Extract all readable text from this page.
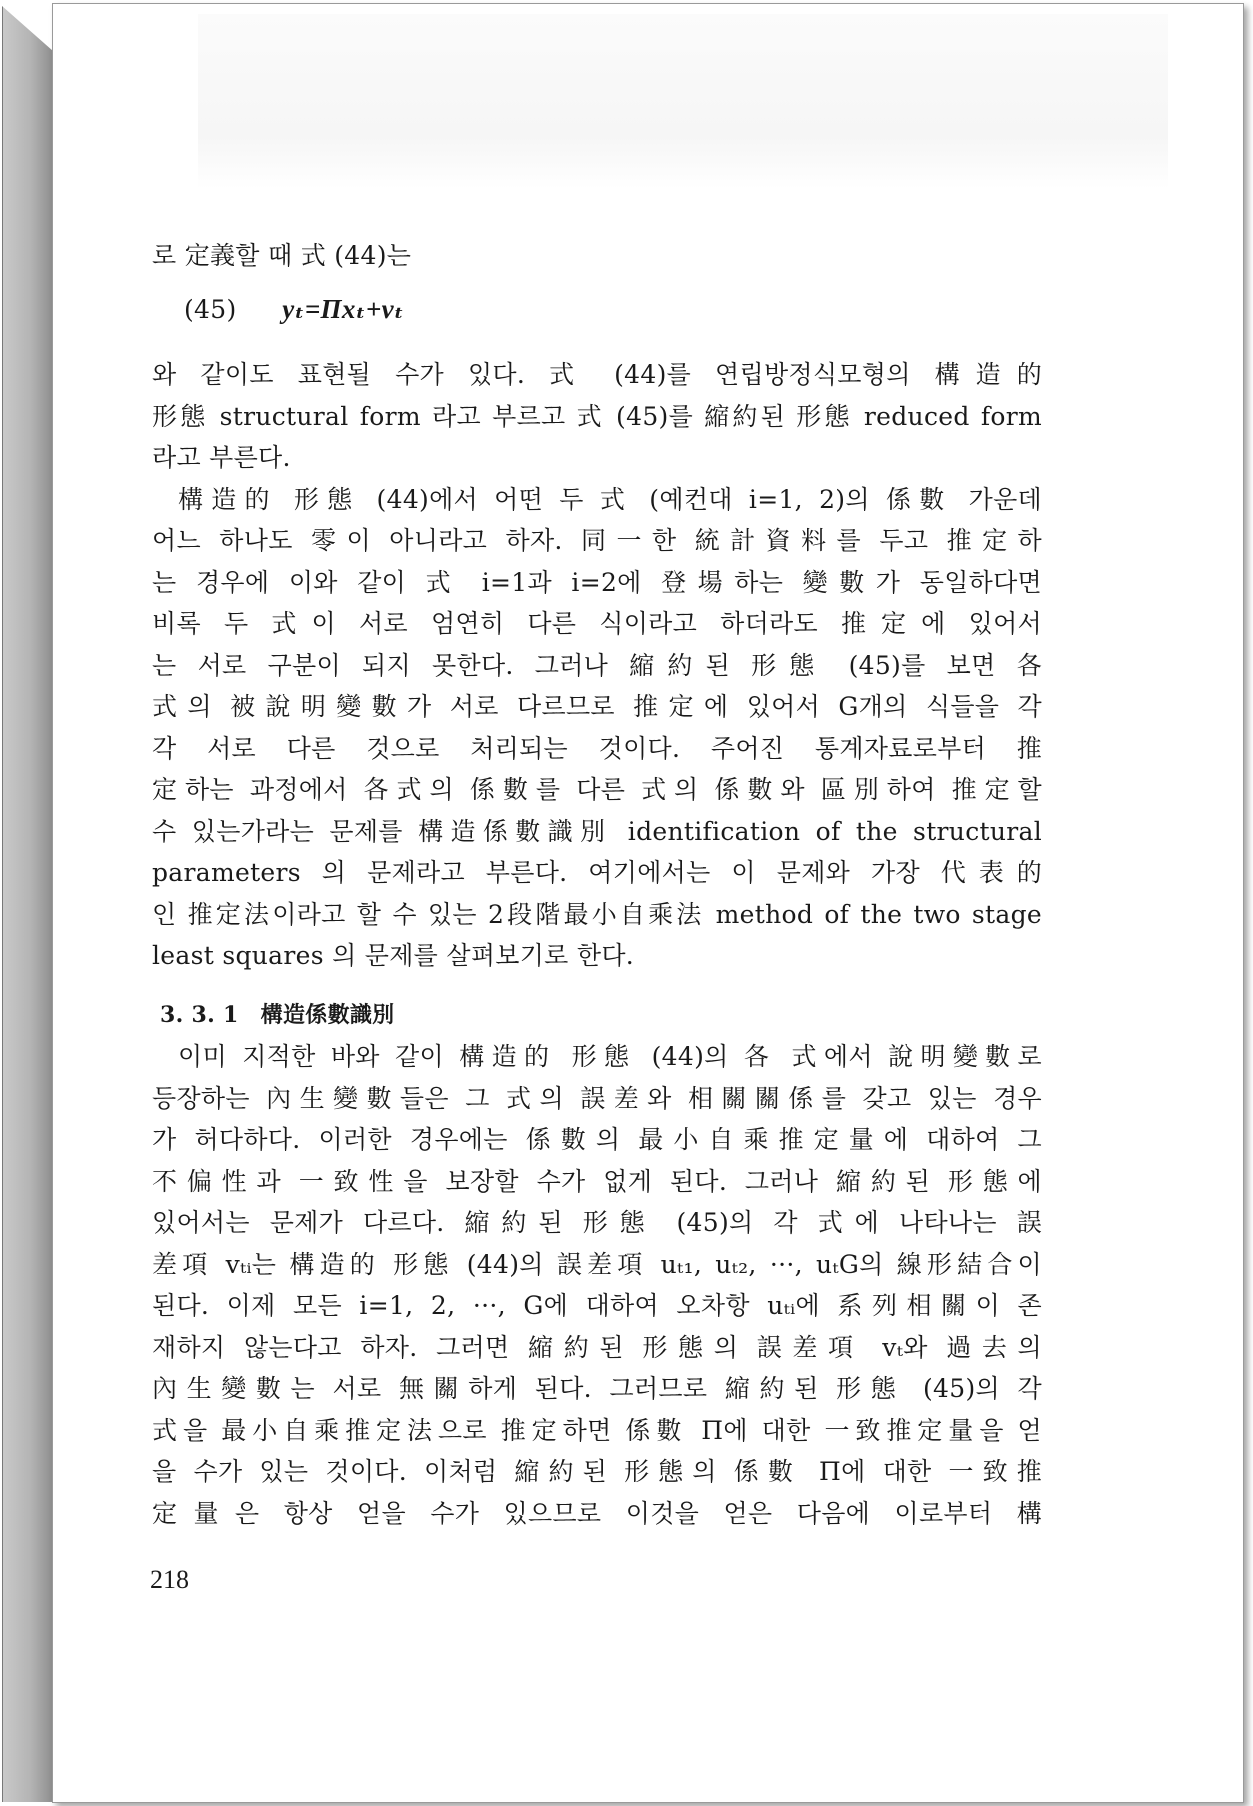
로 定義할 때 式 (44)는
(45) yₜ=Πxₜ+vₜ
와 같이도 표현될 수가 있다. 式 (44)를 연립방정식모형의 構造的
形態 structural form 라고 부르고 式 (45)를 縮約된 形態 reduced form
라고 부른다.
構造的 形態 (44)에서 어떤 두 式 (예컨대 i=1, 2)의 係數 가운데
어느 하나도 零이 아니라고 하자. 同一한 統計資料를 두고 推定하
는 경우에 이와 같이 式 i=1과 i=2에 登場하는 變數가 동일하다면
비록 두 式이 서로 엄연히 다른 식이라고 하더라도 推定에 있어서
는 서로 구분이 되지 못한다. 그러나 縮約된 形態 (45)를 보면 各
式의 被說明變數가 서로 다르므로 推定에 있어서 G개의 식들을 각
각 서로 다른 것으로 처리되는 것이다. 주어진 통계자료로부터 推
定하는 과정에서 各式의 係數를 다른 式의 係數와 區別하여 推定할
수 있는가라는 문제를 構造係數識別 identification of the structural
parameters 의 문제라고 부른다. 여기에서는 이 문제와 가장 代表的
인 推定法이라고 할 수 있는 2段階最小自乘法 method of the two stage
least squares 의 문제를 살펴보기로 한다.
3. 3. 1 構造係數識別
이미 지적한 바와 같이 構造的 形態 (44)의 各 式에서 說明變數로
등장하는 內生變數들은 그 式의 誤差와 相關關係를 갖고 있는 경우
가 허다하다. 이러한 경우에는 係數의 最小自乘推定量에 대하여 그
不偏性과 一致性을 보장할 수가 없게 된다. 그러나 縮約된 形態에
있어서는 문제가 다르다. 縮約된 形態 (45)의 각 式에 나타나는 誤
差項 vₜᵢ는 構造的 形態 (44)의 誤差項 uₜ₁, uₜ₂, ···, uₜG의 線形結合이
된다. 이제 모든 i=1, 2, ···, G에 대하여 오차항 uₜᵢ에 系列相關이 존
재하지 않는다고 하자. 그러면 縮約된 形態의 誤差項 vₜ와 過去의
內生變數는 서로 無關하게 된다. 그러므로 縮約된 形態 (45)의 각
式을 最小自乘推定法으로 推定하면 係數 Π에 대한 一致推定量을 얻
을 수가 있는 것이다. 이처럼 縮約된 形態의 係數 Π에 대한 一致推
定量은 항상 얻을 수가 있으므로 이것을 얻은 다음에 이로부터 構
218
